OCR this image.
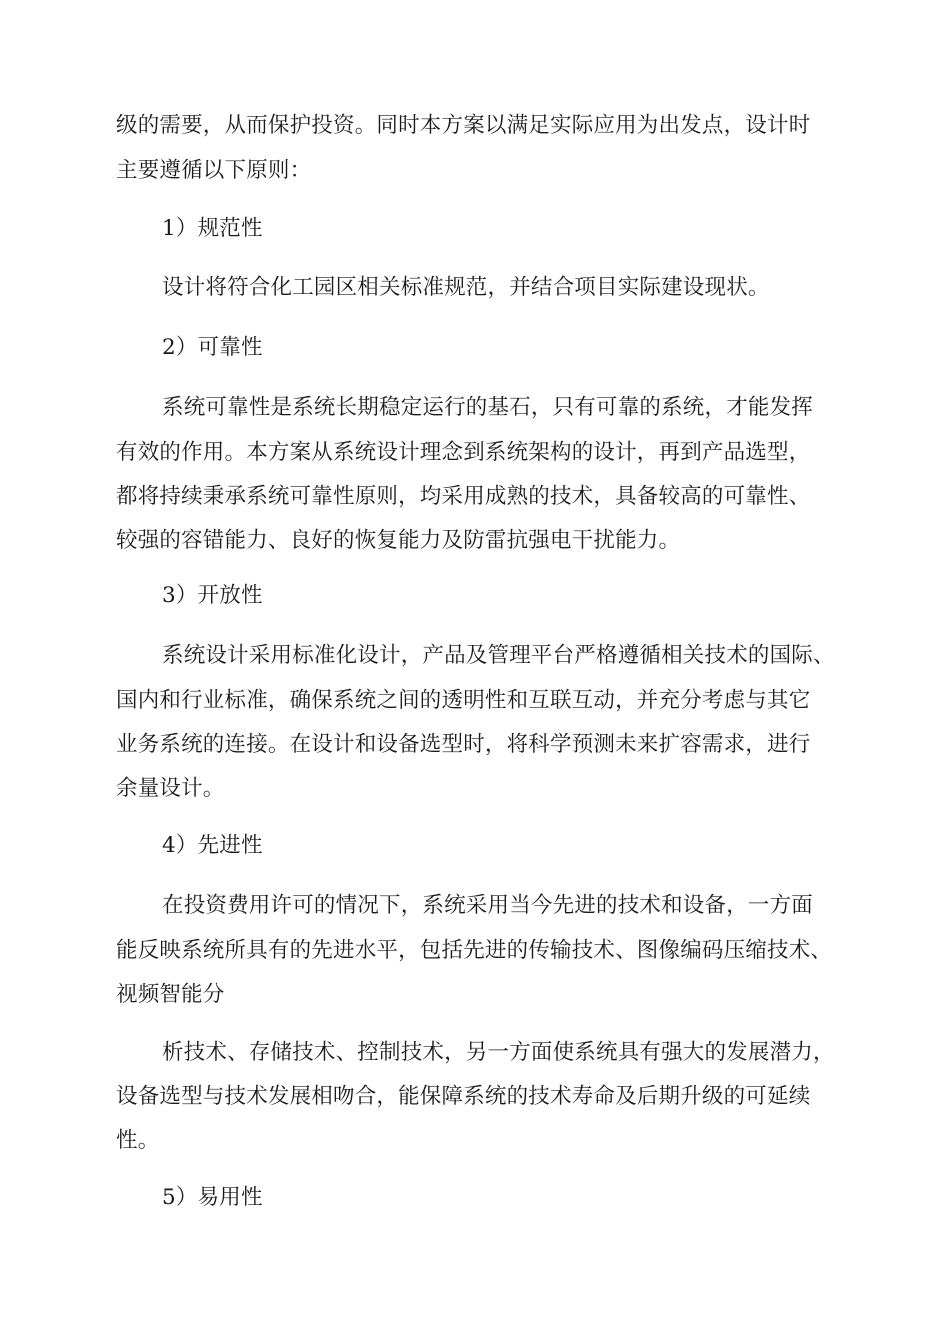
级的需要，从而保护投资。同时本方案以满足实际应用为出发点，设计时
主要遵循以下原则：
1）规范性
设计将符合化工园区相关标准规范，并结合项目实际建设现状。
2）可靠性
系统可靠性是系统长期稳定运行的基石，只有可靠的系统，才能发挥
有效的作用。本方案从系统设计理念到系统架构的设计，再到产品选型，
都将持续秉承系统可靠性原则，均采用成熟的技术，具备较高的可靠性、
较强的容错能力、良好的恢复能力及防雷抗强电干扰能力。
3）开放性
系统设计采用标准化设计，产品及管理平台严格遵循相关技术的国际、
国内和行业标准，确保系统之间的透明性和互联互动，并充分考虑与其它
业务系统的连接。在设计和设备选型时，将科学预测未来扩容需求，进行
余量设计。
4）先进性
在投资费用许可的情况下，系统采用当今先进的技术和设备，一方面
能反映系统所具有的先进水平，包括先进的传输技术、图像编码压缩技术、
视频智能分
析技术、存储技术、控制技术，另一方面使系统具有强大的发展潜力，
设备选型与技术发展相吻合，能保障系统的技术寿命及后期升级的可延续
性。
5）易用性
